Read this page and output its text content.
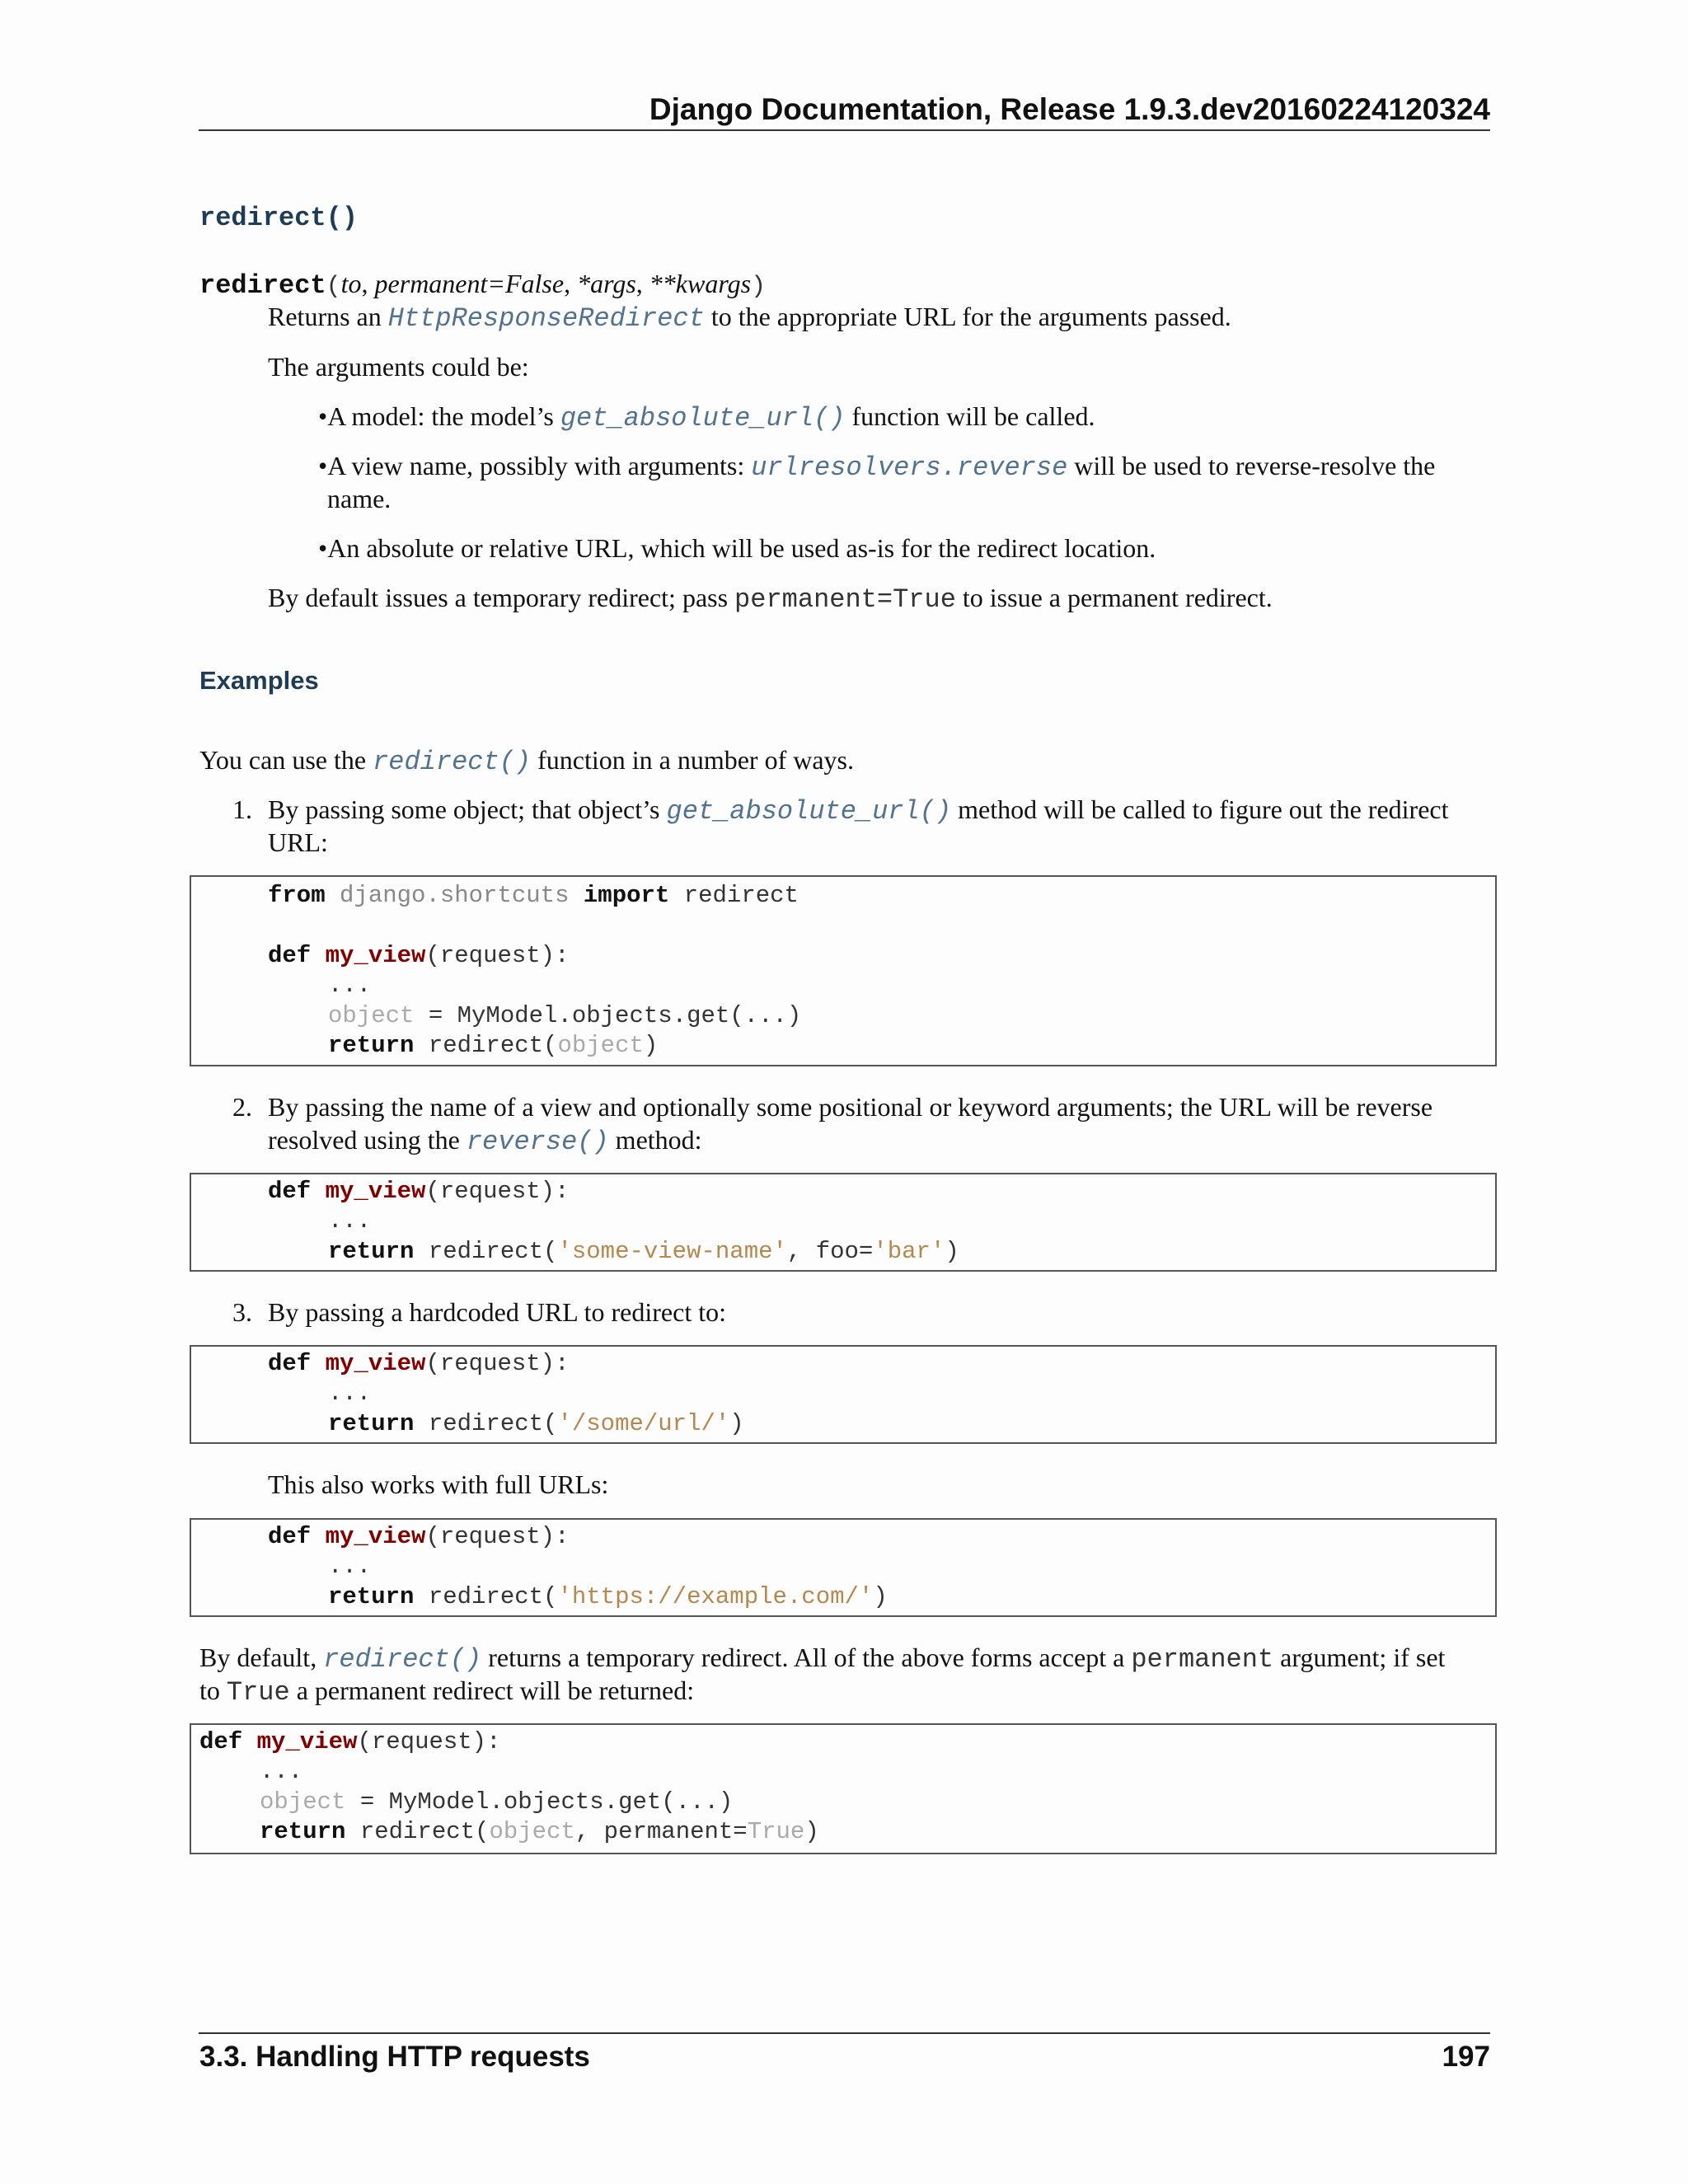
Django Documentation, Release 1.9.3.dev20160224120324
redirect()
redirect(to, permanent=False, *args, **kwargs)
Returns an HttpResponseRedirect to the appropriate URL for the arguments passed.
The arguments could be:
•A model: the model’s get_absolute_url() function will be called.
•A view name, possibly with arguments: urlresolvers.reverse will be used to reverse-resolve the
name.
•An absolute or relative URL, which will be used as-is for the redirect location.
By default issues a temporary redirect; pass permanent=True to issue a permanent redirect.
Examples
You can use the redirect() function in a number of ways.
1. By passing some object; that object’s get_absolute_url() method will be called to figure out the redirect
URL:
from django.shortcuts import redirect
def my_view(request):
...
object = MyModel.objects.get(...)
return redirect(object)
2. By passing the name of a view and optionally some positional or keyword arguments; the URL will be reverse
resolved using the reverse() method:
def my_view(request):
...
return redirect('some-view-name', foo='bar')
3. By passing a hardcoded URL to redirect to:
def my_view(request):
...
return redirect('/some/url/')
This also works with full URLs:
def my_view(request):
...
return redirect('https://example.com/')
By default, redirect() returns a temporary redirect. All of the above forms accept a permanent argument; if set
to True a permanent redirect will be returned:
def my_view(request):
...
object = MyModel.objects.get(...)
return redirect(object, permanent=True)
3.3. Handling HTTP requests	197
